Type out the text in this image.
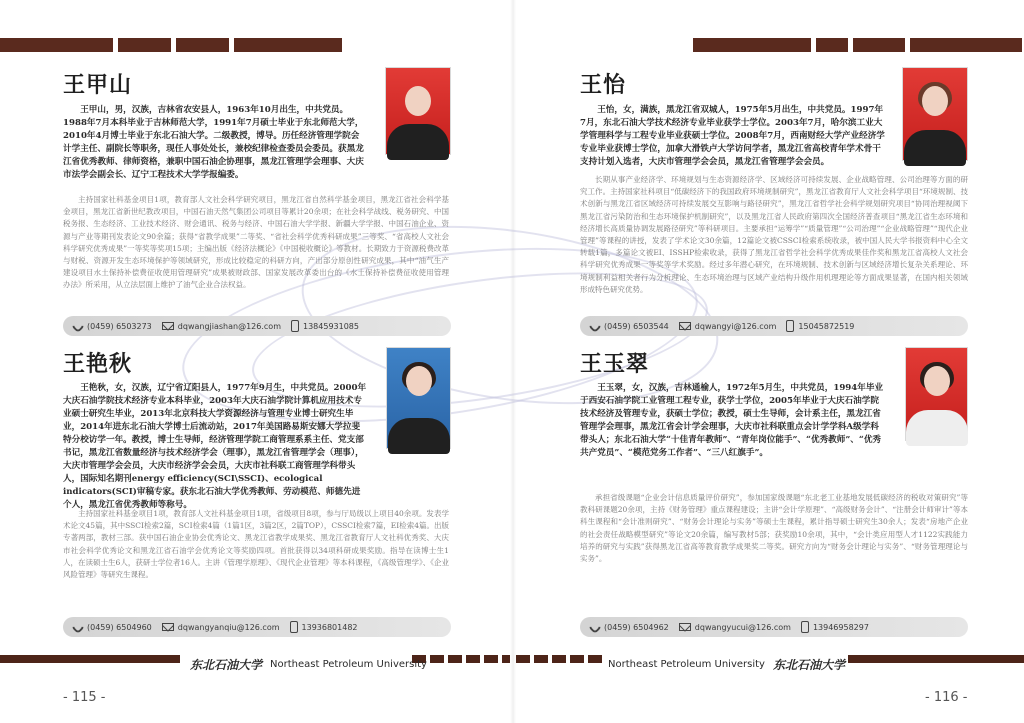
王甲山
王甲山，男，汉族，吉林省农安县人，1963年10月出生，中共党员。1988年7月本科毕业于吉林师范大学，1991年7月硕士毕业于东北师范大学，2010年4月博士毕业于东北石油大学。二级教授，博导。历任经济管理学院会计学主任、副院长等职务，现任人事处处长，兼校纪律检查委员会委员。获黑龙江省优秀教师、律师资格，兼职中国石油企协理事，黑龙江管理学会理事、大庆市法学会副会长、辽宁工程技术大学学报编委。
主持国家社科基金项目1项，教育部人文社会科学研究项目，黑龙江省自然科学基金项目，黑龙江省社会科学基金项目，黑龙江省新世纪教改项目，中国石油天然气集团公司项目等累计20余项；在社会科学战线、税务研究、中国税务报、生态经济、工业技术经济、财会通讯、税务与经济、中国石油大学学报、新疆大学学报、中国石油企业、资源与产业等期刊发表论文90余篇；获得“省教学成果”二等奖、“省社会科学优秀科研成果”三等奖、“省高校人文社会科学研究优秀成果”一等奖等奖项15项；主编出版《经济法概论》《中国税收概论》等教材。长期致力于资源税费改革与财税、资源开发生态环境保护等领域研究，形成比较稳定的科研方向，产出部分原创性研究成果，其中“油气生产建设项目水土保持补偿费征收使用管理研究”成果被财政部、国家发展改革委出台的《水土保持补偿费征收使用管理办法》所采用，从立法层面上维护了油气企业合法权益。
(0459) 6503273	dqwangjiashan@126.com	13845931085
王怡
王怡，女，满族，黑龙江省双城人，1975年5月出生，中共党员。1997年7月，东北石油大学技术经济专业毕业获学士学位。2003年7月，哈尔滨工业大学管理科学与工程专业毕业获硕士学位。2008年7月，西南财经大学产业经济学专业毕业获博士学位，加拿大滑铁卢大学访问学者，黑龙江省高校青年学术骨干支持计划入选者，大庆市管理学会会员，黑龙江省管理学会会员。
长期从事产业经济学、环境规划与生态资源经济学、区域经济可持续发展、企业战略管理、公司治理等方面的研究工作。主持国家社科项目“低碳经济下的我国政府环境规制研究”，黑龙江省教育厅人文社会科学项目“环境规制、技术创新与黑龙江省区域经济可持续发展交互影响与路径研究”，黑龙江省哲学社会科学规划研究项目“协同治理视阈下黑龙江省污染防治和生态环境保护机制研究”，以及黑龙江省人民政府第四次全国经济普查项目“黑龙江省生态环境和经济增长高质量协调发展路径研究”等科研项目。主要承担“运筹学”“质量管理”“公司治理”“企业战略管理”“现代企业管理”等课程的讲授，发表了学术论文30余篇，12篇论文被CSSCI检索系统收录，被中国人民大学书报资料中心全文转载1篇，多篇论文被EI、ISSHP检索收录，获得了黑龙江省哲学社会科学优秀成果佳作奖和黑龙江省高校人文社会科学研究优秀成果一等奖等学术奖励。经过多年潜心研究，在环境规制、技术创新与区域经济增长复杂关系理论、环境规制利益相关者行为分析理论、生态环境治理与区域产业结构升级作用机理理论等方面成果显著，在国内相关领域形成特色研究优势。
(0459) 6503544	dqwangyi@126.com	15045872519
王艳秋
王艳秋，女，汉族，辽宁省辽阳县人，1977年9月生，中共党员。2000年大庆石油学院技术经济专业本科毕业，2003年大庆石油学院计算机应用技术专业硕士研究生毕业，2013年北京科技大学资源经济与管理专业博士研究生毕业，2014年进东北石油大学博士后流动站，2017年美国路易斯安娜大学拉斐特分校访学一年。教授，博士生导师，经济管理学院工商管理系系主任、党支部书记，黑龙江省数量经济与技术经济学会（理事），黑龙江省管理学会（理事），大庆市管理学会会员，大庆市经济学会会员，大庆市社科联工商管理学科带头人，国际知名期刊energy efficiency(SCI\SSCI)、ecological indicators(SCI)审稿专家。获东北石油大学优秀教师、劳动模范、师德先进个人，黑龙江省优秀教师等称号。
主持国家社科基金项目1项，教育部人文社科基金项目1项，省级项目8项，参与厅局级以上项目40余项。发表学术论文45篇，其中SSCI检索2篇，SCI检索4篇（1篇1区，3篇2区，2篇TOP），CSSCI检索7篇，EI检索4篇。出版专著两部，教材三部。获中国石油企业协会优秀论文、黑龙江省教学成果奖、黑龙江省教育厅人文社科优秀奖、大庆市社会科学优秀论文和黑龙江省石油学会优秀论文等奖励四项。首批获得以34项科研成果奖励。指导在读博士生1人，在读硕士生6人，获研士学位者16人。主讲《管理学原理》、《现代企业管理》等本科课程，《高级管理学》、《企业风险管理》等研究生课程。
(0459) 6504960	dqwangyanqiu@126.com	13936801482
王玉翠
王玉翠，女，汉族，吉林通榆人，1972年5月生，中共党员，1994年毕业于西安石油学院工业管理工程专业，获学士学位，2005年毕业于大庆石油学院技术经济及管理专业，获硕士学位；教授，硕士生导师，会计系主任，黑龙江省管理学会理事，黑龙江省会计学会理事，大庆市社科联重点会计学学科A级学科带头人；东北石油大学“十佳青年教师”、“青年岗位能手”、“优秀教师”、“优秀共产党员”、“模范党务工作者”、“三八红旗手”。
承担省级课题“企业会计信息质量评价研究”，参加国家级课题“东北老工业基地发展低碳经济的税收对策研究”等教科研课题20余项，主持《财务管理》重点课程建设；主讲“会计学原理”、“高级财务会计”、“注册会计师审计”等本科生课程和“会计准则研究”、“财务会计理论与实务”等硕士生课程，累计指导硕士研究生30余人；发表“房地产企业的社会责任战略模型研究”等论文20余篇，编写教材5部；获奖励10余项，其中，“会计类应用型人才1122实践能力培养的研究与实践”获得黑龙江省高等教育教学成果奖二等奖。研究方向为“财务会计理论与实务”、“财务管理理论与实务”。
(0459) 6504962	dqwangyucui@126.com	13946958297
东北石油大学 Northeast Petroleum University	Northeast Petroleum University 东北石油大学
- 115 -	- 116 -
